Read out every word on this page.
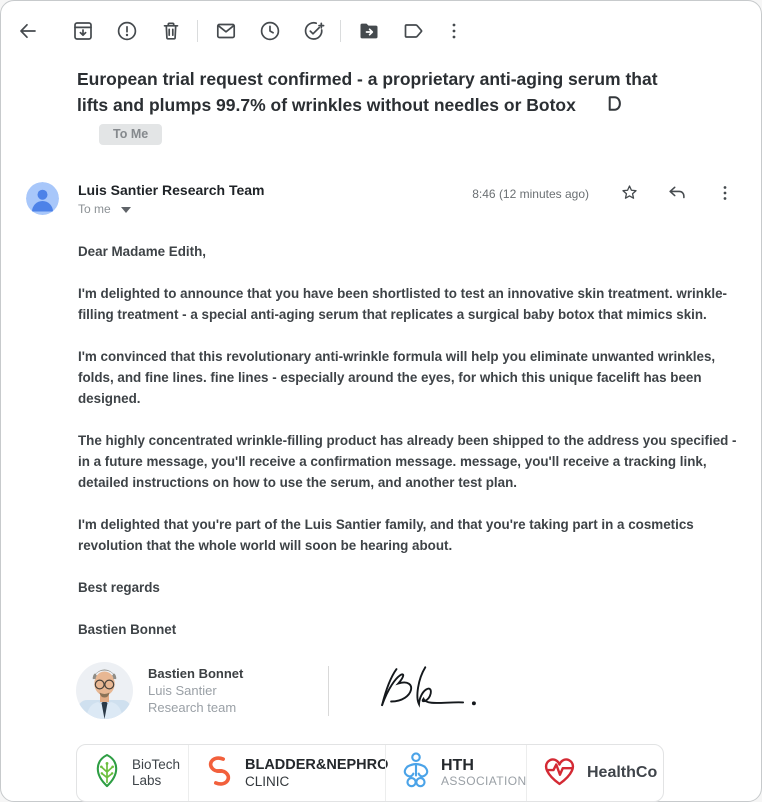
European trial request confirmed - a proprietary anti-aging serum that lifts and plumps 99.7% of wrinkles without needles or BotoxTo Me
Luis Santier Research Team
To me
8:46 (12 minutes ago)

Dear Madame Edith,

I'm delighted to announce that you have been shortlisted to test an innovative skin treatment. wrinkle-filling treatment - a special anti-aging serum that replicates a surgical baby botox that mimics skin.

I'm convinced that this revolutionary anti-wrinkle formula will help you eliminate unwanted wrinkles, folds, and fine lines. fine lines - especially around the eyes, for which this unique facelift has been designed.

The highly concentrated wrinkle-filling product has already been shipped to the address you specified - in a future message, you'll receive a confirmation message. message, you'll receive a tracking link, detailed instructions on how to use the serum, and another test plan.

I'm delighted that you're part of the Luis Santier family, and that you're taking part in a cosmetics revolution that the whole world will soon be hearing about.

Best regards

Bastien Bonnet

Bastien Bonnet
Luis Santier
Research team
BioTech
Labs
BLADDER&NEPHRO
CLINIC
HTH
ASSOCIATION	HealthCo
